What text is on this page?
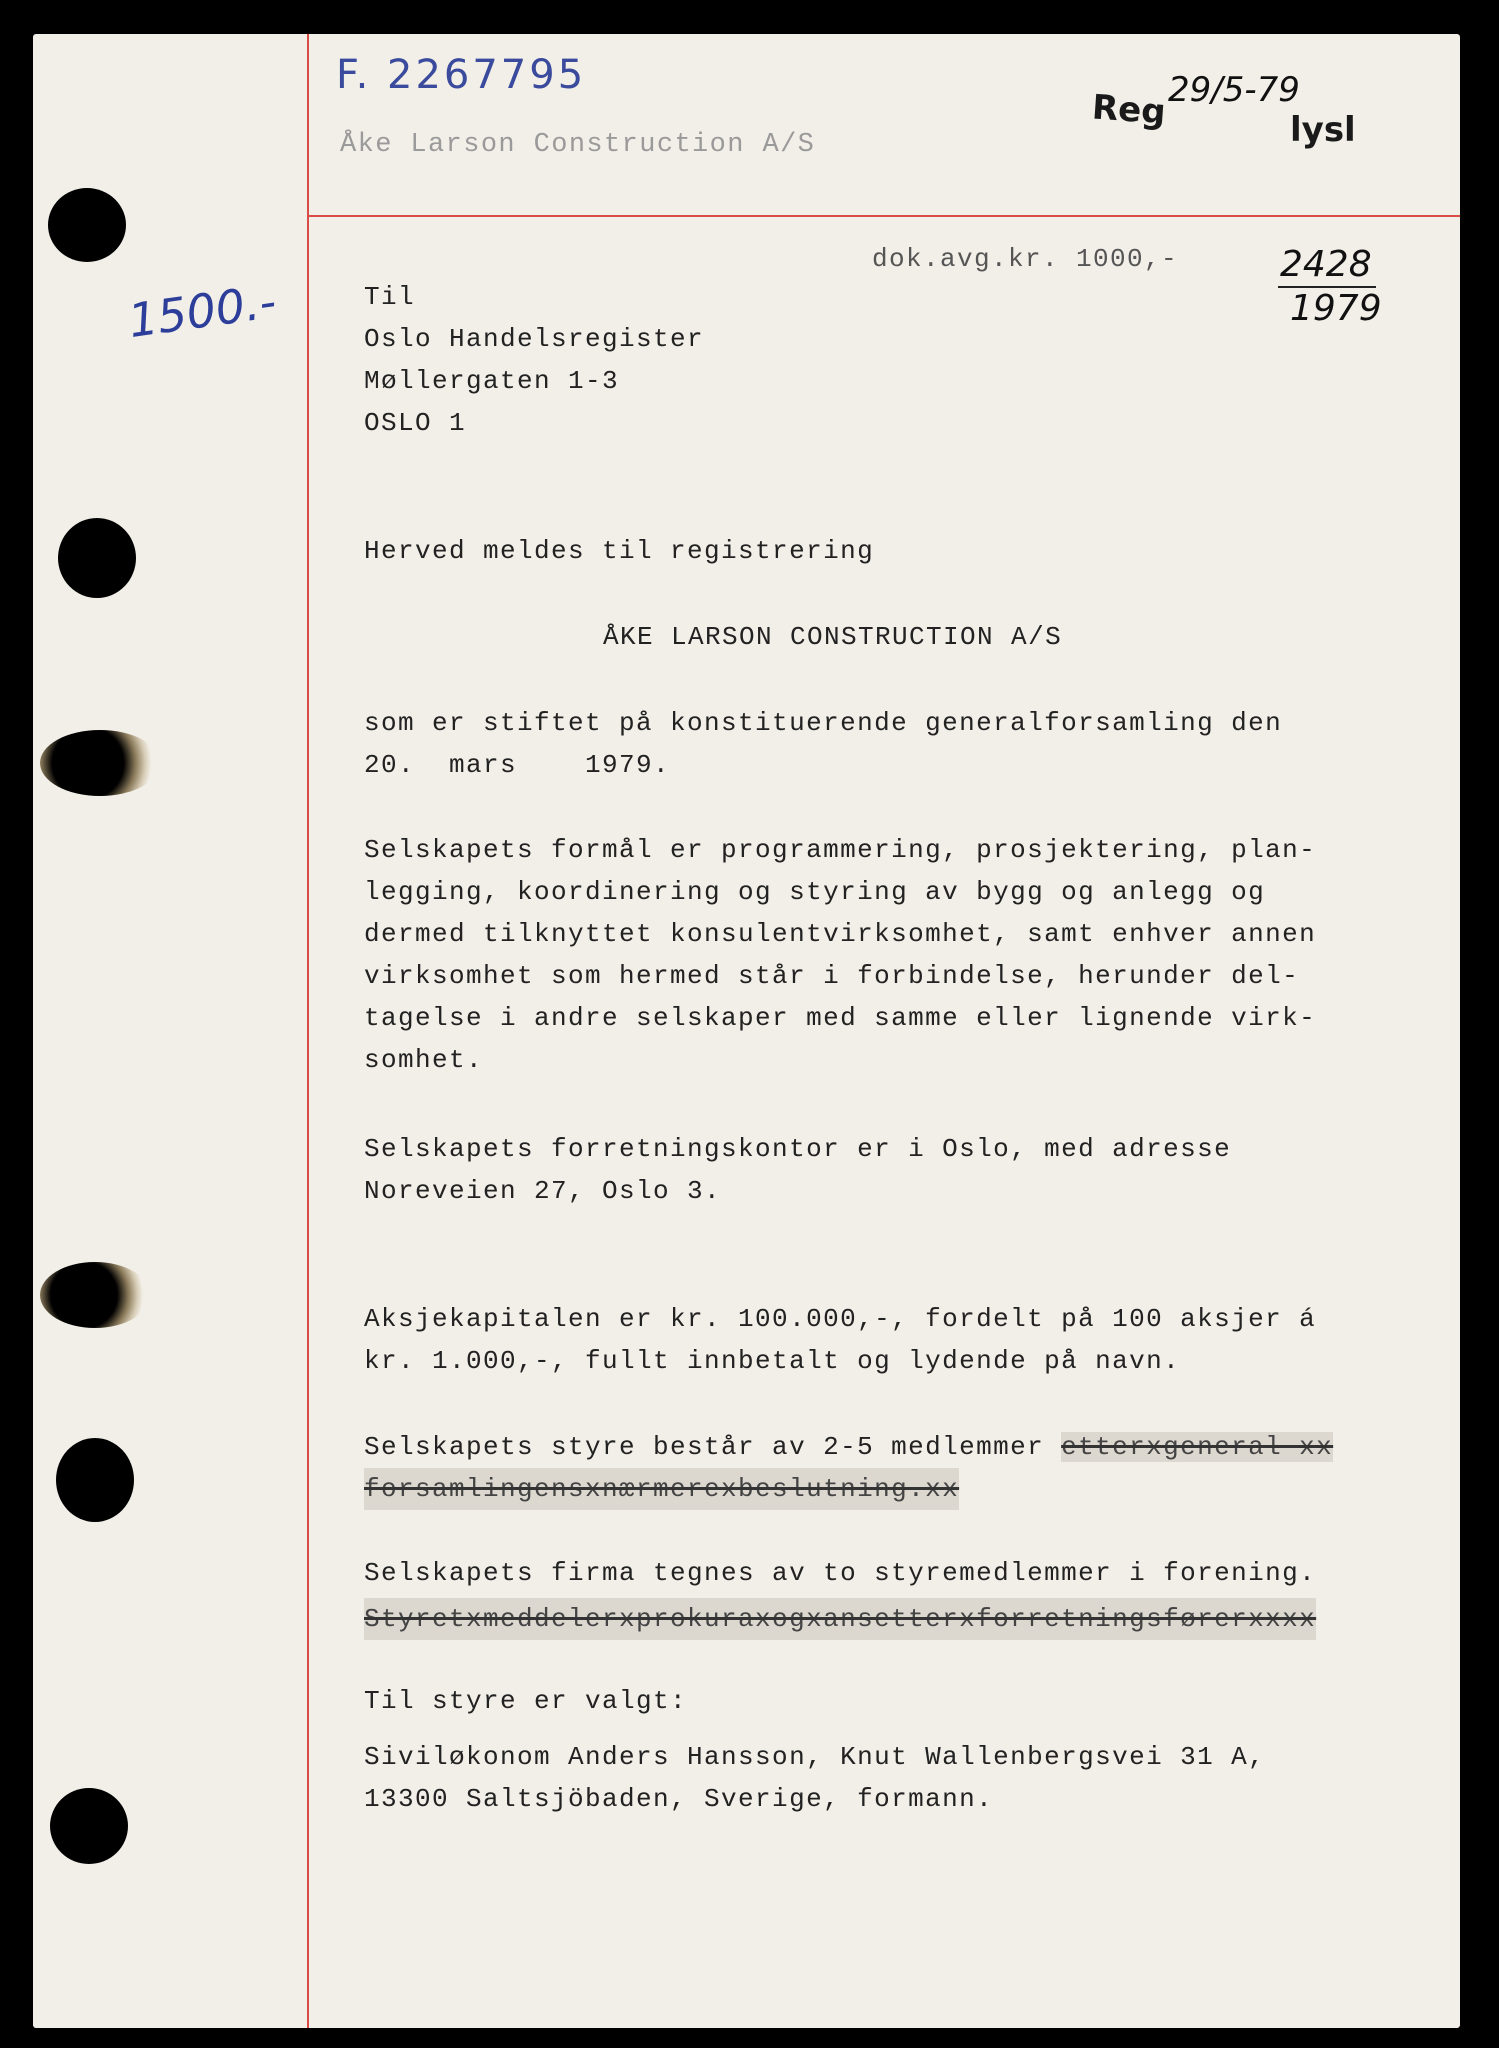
F. 2267795
1500.-
2428
1979
Reg 29/5-79
lysl
Åke Larson Construction A/S
dok.avg.kr. 1000,-
Til
Oslo Handelsregister
Møllergaten 1-3
OSLO 1
Herved meldes til registrering
ÅKE LARSON CONSTRUCTION A/S
som er stiftet på konstituerende generalforsamling den
20.  mars    1979.
Selskapets formål er programmering, prosjektering, plan-
legging, koordinering og styring av bygg og anlegg og
dermed tilknyttet konsulentvirksomhet, samt enhver annen
virksomhet som hermed står i forbindelse, herunder del-
tagelse i andre selskaper med samme eller lignende virk-
somhet.
Selskapets forretningskontor er i Oslo, med adresse
Noreveien 27, Oslo 3.
Aksjekapitalen er kr. 100.000,-, fordelt på 100 aksjer á
kr. 1.000,-, fullt innbetalt og lydende på navn.
Selskapets styre består av 2-5 medlemmer etterxgeneral-xx
forsamlingensxnærmerexbeslutning.xx
Selskapets firma tegnes av to styremedlemmer i forening.
Styretxmeddelerxprokuraxogxansetterxforretningsførerxxxx
Til styre er valgt:
Siviløkonom Anders Hansson, Knut Wallenbergsvei 31 A,
13300 Saltsjöbaden, Sverige, formann.
